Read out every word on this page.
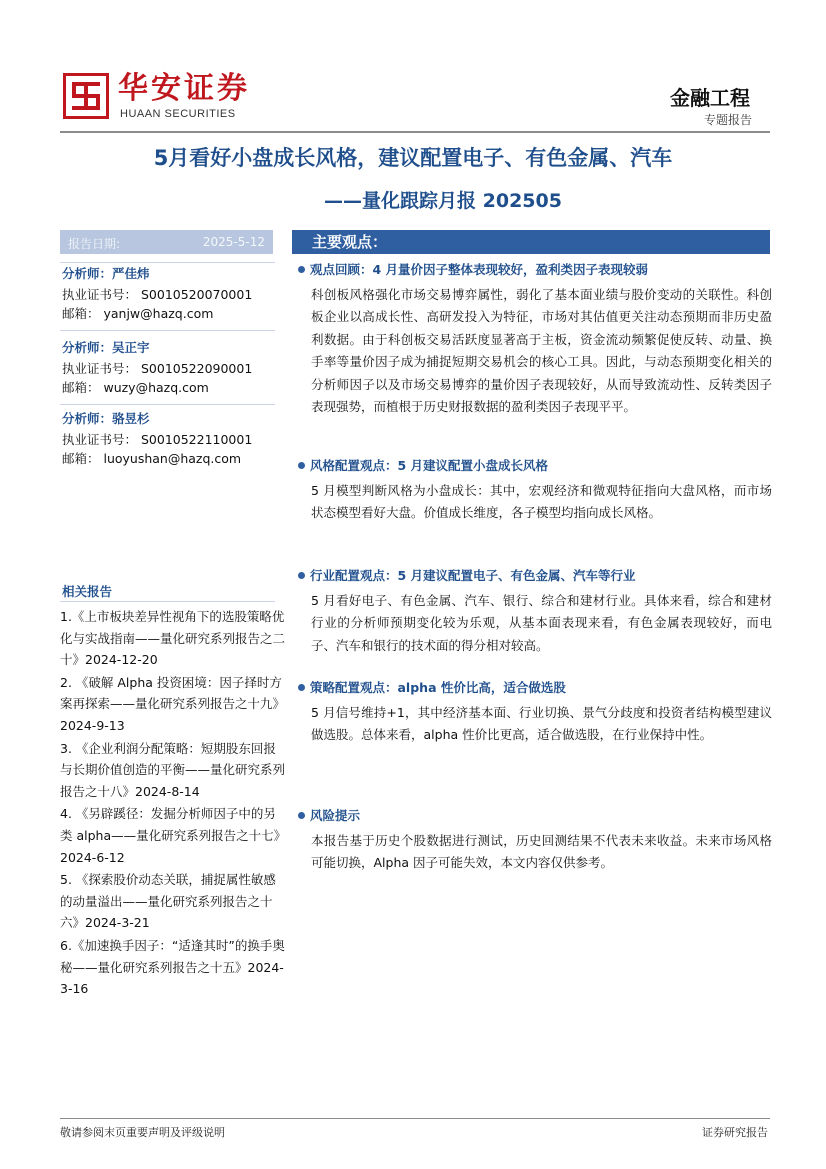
华安证券
HUAAN SECURITIES
金融工程
专题报告
5月看好小盘成长风格，建议配置电子、有色金属、汽车
——量化跟踪月报 202505
报告日期:	2025-5-12
分析师：严佳炜
执业证书号： S0010520070001
邮箱： yanjw@hazq.com
分析师：吴正宇
执业证书号： S0010522090001
邮箱： wuzy@hazq.com
分析师：骆昱杉
执业证书号： S0010522110001
邮箱： luoyushan@hazq.com
相关报告
1.《上市板块差异性视角下的选股策略优化与实战指南——量化研究系列报告之二十》2024-12-20
2. 《破解 Alpha 投资困境：因子择时方案再探索——量化研究系列报告之十九》2024-9-13
3. 《企业利润分配策略：短期股东回报与长期价值创造的平衡——量化研究系列报告之十八》2024-8-14
4. 《另辟蹊径：发掘分析师因子中的另类 alpha——量化研究系列报告之十七》2024-6-12
5. 《探索股价动态关联，捕捉属性敏感的动量溢出——量化研究系列报告之十六》2024-3-21
6.《加速换手因子：“适逢其时”的换手奥秘——量化研究系列报告之十五》2024-3-16
主要观点：
观点回顾：4 月量价因子整体表现较好，盈利类因子表现较弱
科创板风格强化市场交易博弈属性，弱化了基本面业绩与股价变动的关联性。科创板企业以高成长性、高研发投入为特征，市场对其估值更关注动态预期而非历史盈利数据。由于科创板交易活跃度显著高于主板，资金流动频繁促使反转、动量、换手率等量价因子成为捕捉短期交易机会的核心工具。因此，与动态预期变化相关的分析师因子以及市场交易博弈的量价因子表现较好，从而导致流动性、反转类因子表现强势，而植根于历史财报数据的盈利类因子表现平平。
风格配置观点：5 月建议配置小盘成长风格
5 月模型判断风格为小盘成长：其中，宏观经济和微观特征指向大盘风格，而市场状态模型看好大盘。价值成长维度，各子模型均指向成长风格。
行业配置观点：5 月建议配置电子、有色金属、汽车等行业
5 月看好电子、有色金属、汽车、银行、综合和建材行业。具体来看，综合和建材行业的分析师预期变化较为乐观，从基本面表现来看，有色金属表现较好，而电子、汽车和银行的技术面的得分相对较高。
策略配置观点：alpha 性价比高，适合做选股
5 月信号维持+1，其中经济基本面、行业切换、景气分歧度和投资者结构模型建议做选股。总体来看，alpha 性价比更高，适合做选股，在行业保持中性。
风险提示
本报告基于历史个股数据进行测试，历史回测结果不代表未来收益。未来市场风格可能切换，Alpha 因子可能失效，本文内容仅供参考。
敬请参阅末页重要声明及评级说明	证券研究报告
